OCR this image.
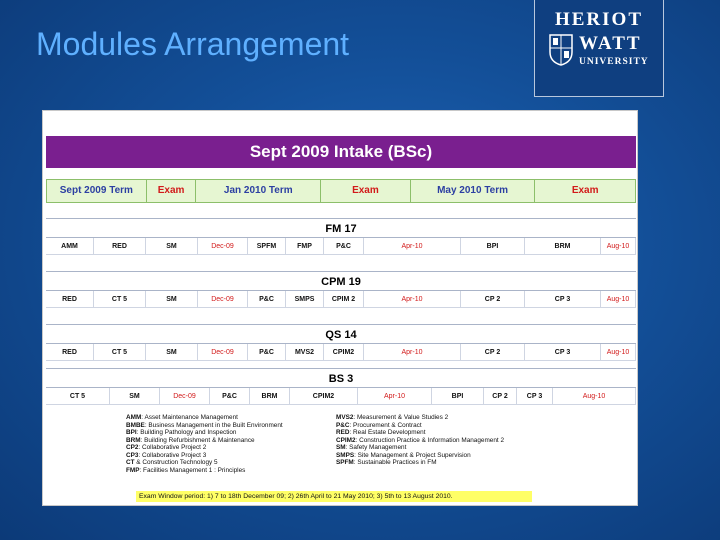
Modules Arrangement
HERIOT
WATT
UNIVERSITY
Sept 2009 Intake (BSc)
Sept 2009 Term	Exam	Jan 2010 Term	Exam	May 2010 Term	Exam
FM 17
AMM	RED	SM	Dec-09	SPFM	FMP	P&C	Apr-10	BPI	BRM	Aug-10
CPM 19
RED	CT 5	SM	Dec-09	P&C	SMPS	CPIM 2	Apr-10	CP 2	CP 3	Aug-10
QS 14
RED	CT 5	SM	Dec-09	P&C	MVS2	CPIM2	Apr-10	CP 2	CP 3	Aug-10
BS 3
CT 5	SM	Dec-09	P&C	BRM	CPIM2	Apr-10	BPI	CP 2	CP 3	Aug-10
AMM: Asset Maintenance Management
BMBE: Business Management in the Built Environment
BPI: Building Pathology and Inspection
BRM: Building Refurbishment & Maintenance
CP2: Collaborative Project 2
CP3: Collaborative Project 3
CT & Construction Technology 5
FMP: Facilities Management 1 : Principles
MVS2: Measurement & Value Studies 2
P&C: Procurement & Contract
RED: Real Estate Development
CPIM2: Construction Practice & Information Management 2
SM: Safety Management
SMPS: Site Management & Project Supervision
SPFM: Sustainable Practices in FM
Exam Window period: 1) 7 to 18th December 09; 2) 26th April to 21 May 2010; 3) 5th to 13 August 2010.
